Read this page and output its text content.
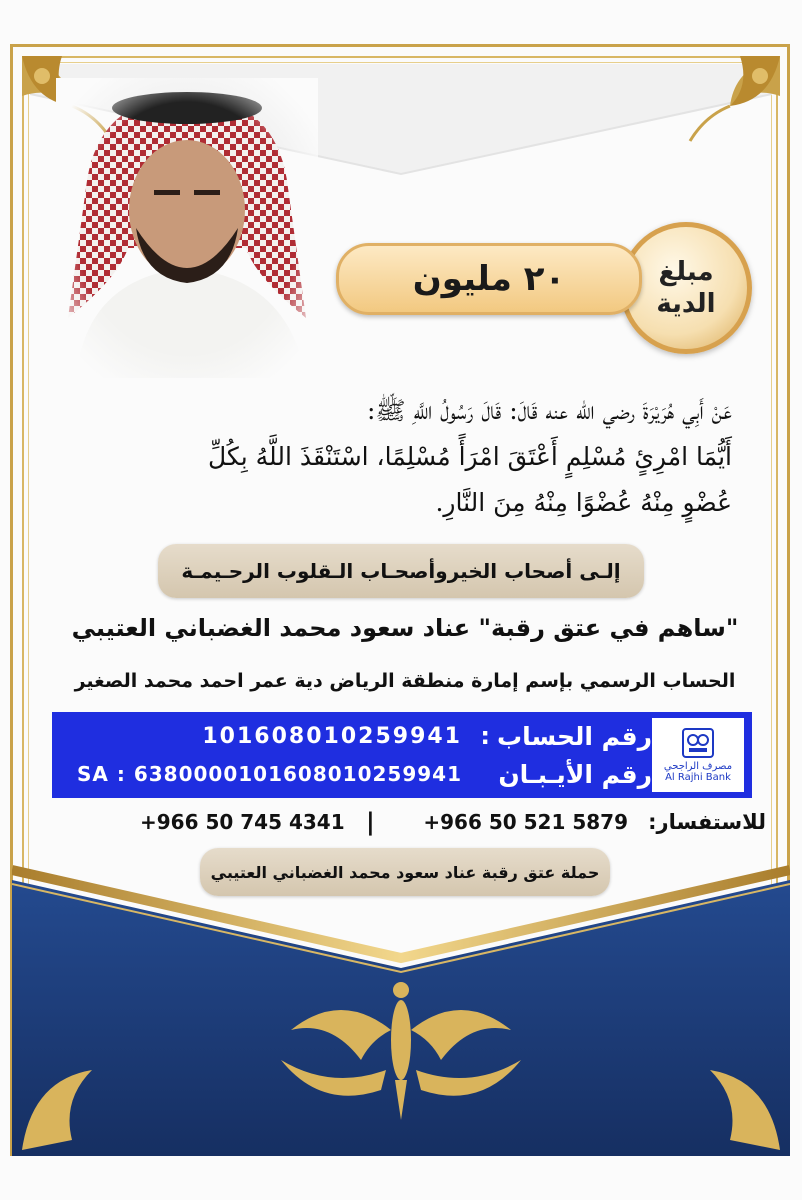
مبلغ
الدية
٢٠ مليون
عَنْ أَبِي هُرَيْرَةَ رضي الله عنه قَالَ: قَالَ رَسُولُ اللَّهِ ﷺ:
أَيُّمَا امْرِئٍ مُسْلِمٍ أَعْتَقَ امْرَأً مُسْلِمًا، اسْتَنْقَذَ اللَّهُ بِكُلِّ
عُضْوٍ مِنْهُ عُضْوًا مِنْهُ مِنَ النَّارِ.
إلـى أصحاب الخيروأصحـاب الـقلوب الرحـيمـة
"ساهم في عتق رقبة" عناد سعود محمد الغضباني العتيبي
الحساب الرسمي بإسم إمارة منطقة الرياض دية عمر احمد محمد الصغير
مصرف الراجحي
Al Rajhi Bank
رقم الحساب
:
101608010259941
رقم الأيـبـان
SA : 6380000101608010259941
للاستفسار:
+966 50 521 5879
|
+966 50 745 4341
حملة عتق رقبة عناد سعود محمد الغضباني العتيبي
